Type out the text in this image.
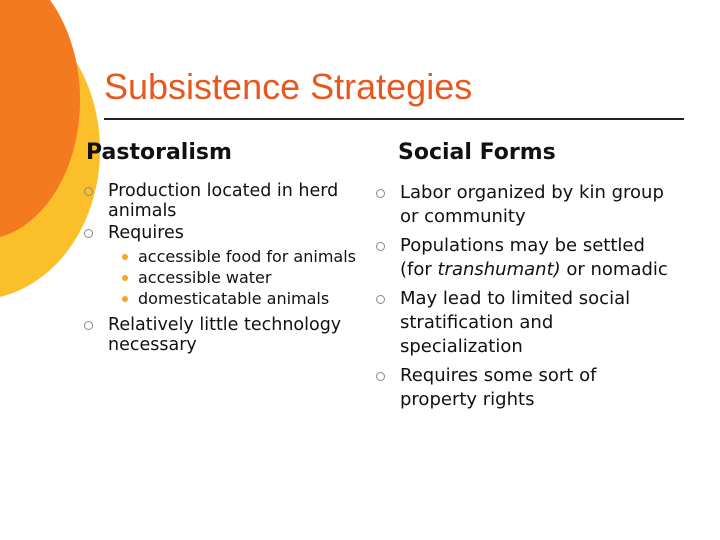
Subsistence Strategies
Pastoralism
Production located in herd animals
Requires
accessible food for animals
accessible water
domesticatable animals
Relatively little technology necessary
Social Forms
Labor organized by kin group or community
Populations may be settled (for transhumant) or nomadic
May lead to limited social stratification and specialization
Requires some sort of property rights
